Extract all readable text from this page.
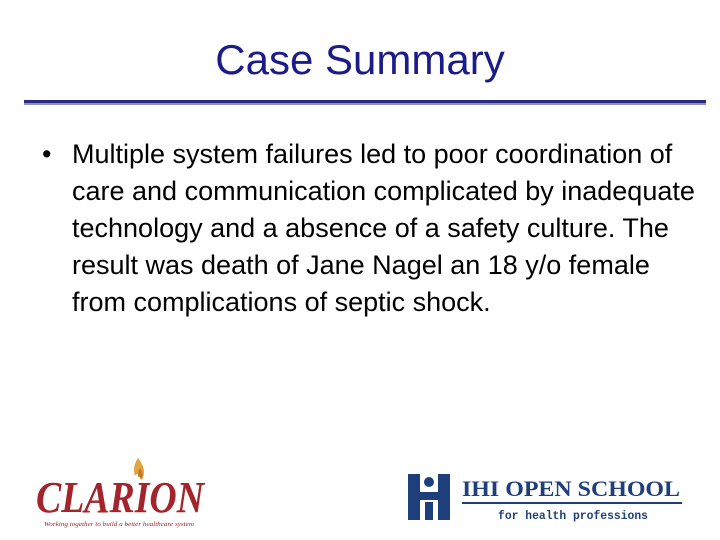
Case Summary
• Multiple system failures led to poor coordination of care and communication complicated by inadequate technology and a absence of a safety culture. The result was death of Jane Nagel an 18 y/o female from complications of septic shock.
CLARION
Working together to build a better healthcare system
IHI OPEN SCHOOL
for health professions
